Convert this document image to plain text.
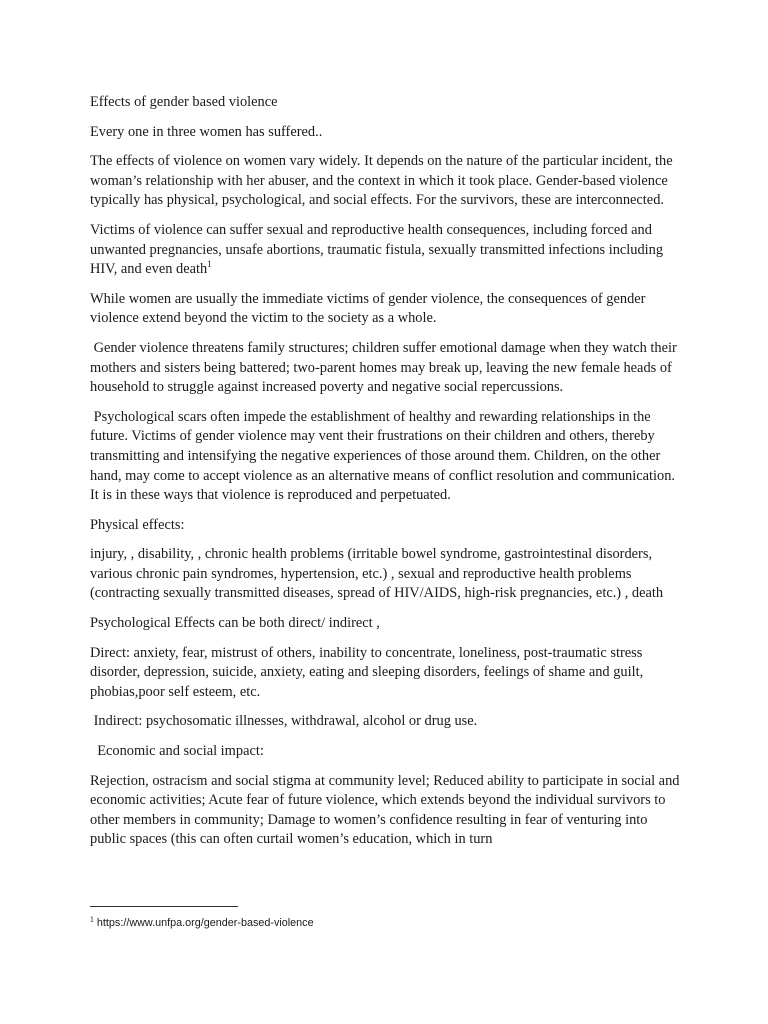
Effects of gender based violence

Every one in three women has suffered..

The effects of violence on women vary widely. It depends on the nature of the particular incident, the woman’s relationship with her abuser, and the context in which it took place. Gender-based violence typically has physical, psychological, and social effects. For the survivors, these are interconnected.

Victims of violence can suffer sexual and reproductive health consequences, including forced and unwanted pregnancies, unsafe abortions, traumatic fistula, sexually transmitted infections including HIV, and even death$^1$

While women are usually the immediate victims of gender violence, the consequences of gender violence extend beyond the victim to the society as a whole.

Gender violence threatens family structures; children suffer emotional damage when they watch their mothers and sisters being battered; two-parent homes may break up, leaving the new female heads of household to struggle against increased poverty and negative social repercussions.

Psychological scars often impede the establishment of healthy and rewarding relationships in the future. Victims of gender violence may vent their frustrations on their children and others, thereby transmitting and intensifying the negative experiences of those around them. Children, on the other hand, may come to accept violence as an alternative means of conflict resolution and communication. It is in these ways that violence is reproduced and perpetuated.

Physical effects:

injury, , disability, , chronic health problems (irritable bowel syndrome, gastrointestinal disorders, various chronic pain syndromes, hypertension, etc.) , sexual and reproductive health problems (contracting sexually transmitted diseases, spread of HIV/AIDS, high-risk pregnancies, etc.) , death

Psychological Effects can be both direct/ indirect ,

Direct: anxiety, fear, mistrust of others, inability to concentrate, loneliness, post-traumatic stress disorder, depression, suicide, anxiety, eating and sleeping disorders, feelings of shame and guilt, phobias,poor self esteem, etc.

Indirect: psychosomatic illnesses, withdrawal, alcohol or drug use.

Economic and social impact:

Rejection, ostracism and social stigma at community level; Reduced ability to participate in social and economic activities; Acute fear of future violence, which extends beyond the individual survivors to other members in community; Damage to women’s confidence resulting in fear of venturing into public spaces (this can often curtail women’s education, which in turn

$^1$ https://www.unfpa.org/gender-based-violence
